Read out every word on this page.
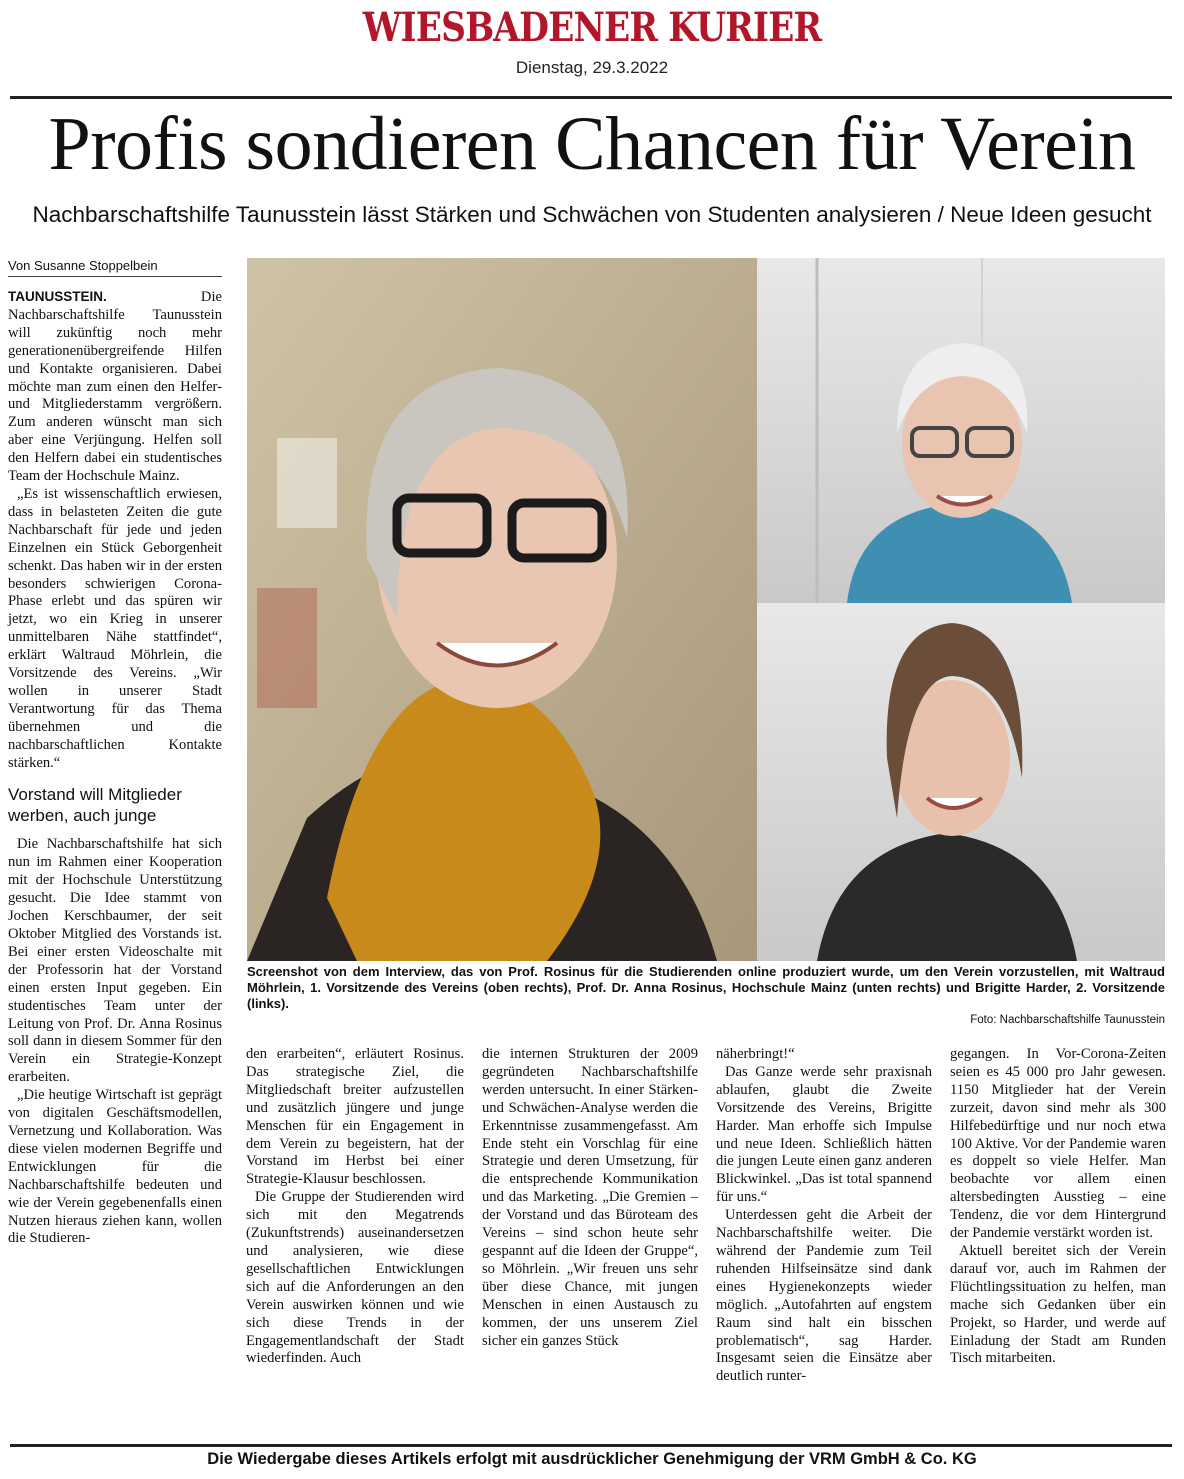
WIESBADENER KURIER
Dienstag, 29.3.2022
Profis sondieren Chancen für Verein
Nachbarschaftshilfe Taunusstein lässt Stärken und Schwächen von Studenten analysieren / Neue Ideen gesucht
Von Susanne Stoppelbein

TAUNUSSTEIN.	Die Nachbarschaftshilfe Taunusstein will zukünftig noch mehr generationenübergreifende Hilfen und Kontakte organisieren. Dabei möchte man zum einen den Helfer- und Mitgliederstamm vergrößern. Zum anderen wünscht man sich aber eine Verjüngung. Helfen soll den Helfern dabei ein studentisches Team der Hochschule Mainz.

„Es ist wissenschaftlich erwiesen, dass in belasteten Zeiten die gute Nachbarschaft für jede und jeden Einzelnen ein Stück Geborgenheit schenkt. Das haben wir in der ersten besonders schwierigen Corona-Phase erlebt und das spüren wir jetzt, wo ein Krieg in unserer unmittelbaren Nähe stattfindet“, erklärt Waltraud Möhrlein, die Vorsitzende des Vereins. „Wir wollen in unserer Stadt Verantwortung für das Thema übernehmen und die nachbarschaftlichen Kontakte stärken.“

Vorstand will Mitglieder werben, auch junge

Die Nachbarschaftshilfe hat sich nun im Rahmen einer Kooperation mit der Hochschule Unterstützung gesucht. Die Idee stammt von Jochen Kerschbaumer, der seit Oktober Mitglied des Vorstands ist. Bei einer ersten Videoschalte mit der Professorin hat der Vorstand einen ersten Input gegeben. Ein studentisches Team unter der Leitung von Prof. Dr. Anna Rosinus soll dann in diesem Sommer für den Verein ein Strategie-Konzept erarbeiten.

„Die heutige Wirtschaft ist geprägt von digitalen Geschäftsmodellen, Vernetzung und Kollaboration. Was diese vielen modernen Begriffe und Entwicklungen für die Nachbarschaftshilfe bedeuten und wie der Verein gegebenenfalls einen Nutzen hieraus ziehen kann, wollen die Studieren-

Screenshot von dem Interview, das von Prof. Rosinus für die Studierenden online produziert wurde, um den Verein vorzustellen, mit Waltraud Möhrlein, 1. Vorsitzende des Vereins (oben rechts), Prof. Dr. Anna Rosinus, Hochschule Mainz (unten rechts) und Brigitte Harder, 2. Vorsitzende (links).
Foto: Nachbarschaftshilfe Taunusstein

den erarbeiten“, erläutert Rosinus. Das strategische Ziel, die Mitgliedschaft breiter aufzustellen und zusätzlich jüngere und junge Menschen für ein Engagement in dem Verein zu begeistern, hat der Vorstand im Herbst bei einer Strategie-Klausur beschlossen.

Die Gruppe der Studierenden wird sich mit den Megatrends (Zukunftstrends) auseinandersetzen und analysieren, wie diese gesellschaftlichen Entwicklungen sich auf die Anforderungen an den Verein auswirken können und wie sich diese Trends in der Engagementlandschaft der Stadt wiederfinden. Auch

die internen Strukturen der 2009 gegründeten Nachbarschaftshilfe werden untersucht. In einer Stärken- und Schwächen-Analyse werden die Erkenntnisse zusammengefasst. Am Ende steht ein Vorschlag für eine Strategie und deren Umsetzung, für die entsprechende Kommunikation und das Marketing. „Die Gremien – der Vorstand und das Büroteam des Vereins – sind schon heute sehr gespannt auf die Ideen der Gruppe“, so Möhrlein. „Wir freuen uns sehr über diese Chance, mit jungen Menschen in einen Austausch zu kommen, der uns unserem Ziel sicher ein ganzes Stück

näherbringt!“

Das Ganze werde sehr praxisnah ablaufen, glaubt die Zweite Vorsitzende des Vereins, Brigitte Harder. Man erhoffe sich Impulse und neue Ideen. Schließlich hätten die jungen Leute einen ganz anderen Blickwinkel. „Das ist total spannend für uns.“

Unterdessen geht die Arbeit der Nachbarschaftshilfe weiter. Die während der Pandemie zum Teil ruhenden Hilfseinsätze sind dank eines Hygienekonzepts wieder möglich. „Autofahrten auf engstem Raum sind halt ein bisschen problematisch“, sag Harder. Insgesamt seien die Einsätze aber deutlich runter-

gegangen. In Vor-Corona-Zeiten seien es 45 000 pro Jahr gewesen. 1150 Mitglieder hat der Verein zurzeit, davon sind mehr als 300 Hilfebedürftige und nur noch etwa 100 Aktive. Vor der Pandemie waren es doppelt so viele Helfer. Man beobachte vor allem einen altersbedingten Ausstieg – eine Tendenz, die vor dem Hintergrund der Pandemie verstärkt worden ist.

Aktuell bereitet sich der Verein darauf vor, auch im Rahmen der Flüchtlingssituation zu helfen, man mache sich Gedanken über ein Projekt, so Harder, und werde auf Einladung der Stadt am Runden Tisch mitarbeiten.

Die Wiedergabe dieses Artikels erfolgt mit ausdrücklicher Genehmigung der VRM GmbH & Co. KG
